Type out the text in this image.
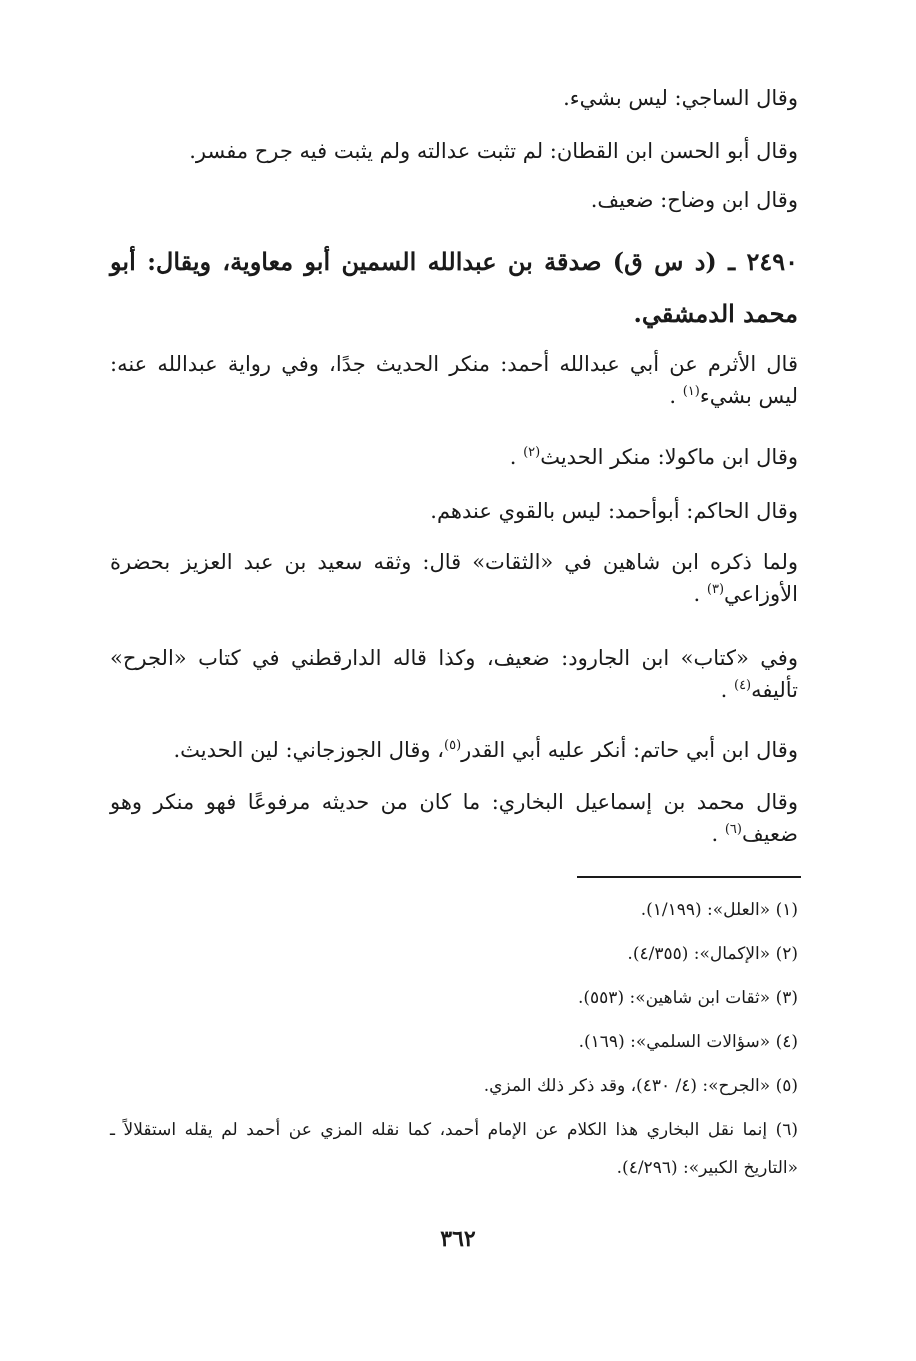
وقال الساجي: ليس بشيء.
وقال أبو الحسن ابن القطان: لم تثبت عدالته ولم يثبت فيه جرح مفسر.
وقال ابن وضاح: ضعيف.
٢٤٩٠ ـ (د س ق) صدقة بن عبدالله السمين أبو معاوية، ويقال: أبو محمد الدمشقي.
قال الأثرم عن أبي عبدالله أحمد: منكر الحديث جدًا، وفي رواية عبدالله عنه: ليس بشيء$^{(١)}$ .
وقال ابن ماكولا: منكر الحديث$^{(٢)}$ .
وقال الحاكم: أبوأحمد: ليس بالقوي عندهم.
ولما ذكره ابن شاهين في «الثقات» قال: وثقه سعيد بن عبد العزيز بحضرة الأوزاعي$^{(٣)}$ .
وفي «كتاب» ابن الجارود: ضعيف، وكذا قاله الدارقطني في كتاب «الجرح» تأليفه$^{(٤)}$ .
وقال ابن أبي حاتم: أنكر عليه أبي القدر$^{(٥)}$، وقال الجوزجاني: لين الحديث.
وقال محمد بن إسماعيل البخاري: ما كان من حديثه مرفوعًا فهو منكر وهو ضعيف$^{(٦)}$ .
(١) «العلل»: (١/١٩٩).
(٢) «الإكمال»: (٤/٣٥٥).
(٣) «ثقات ابن شاهين»: (٥٥٣).
(٤) «سؤالات السلمي»: (١٦٩).
(٥) «الجرح»: (٤/ ٤٣٠)، وقد ذكر ذلك المزي.
(٦) إنما نقل البخاري هذا الكلام عن الإمام أحمد، كما نقله المزي عن أحمد لم يقله استقلالاً ـ «التاريخ الكبير»: (٤/٢٩٦).
٣٦٢
